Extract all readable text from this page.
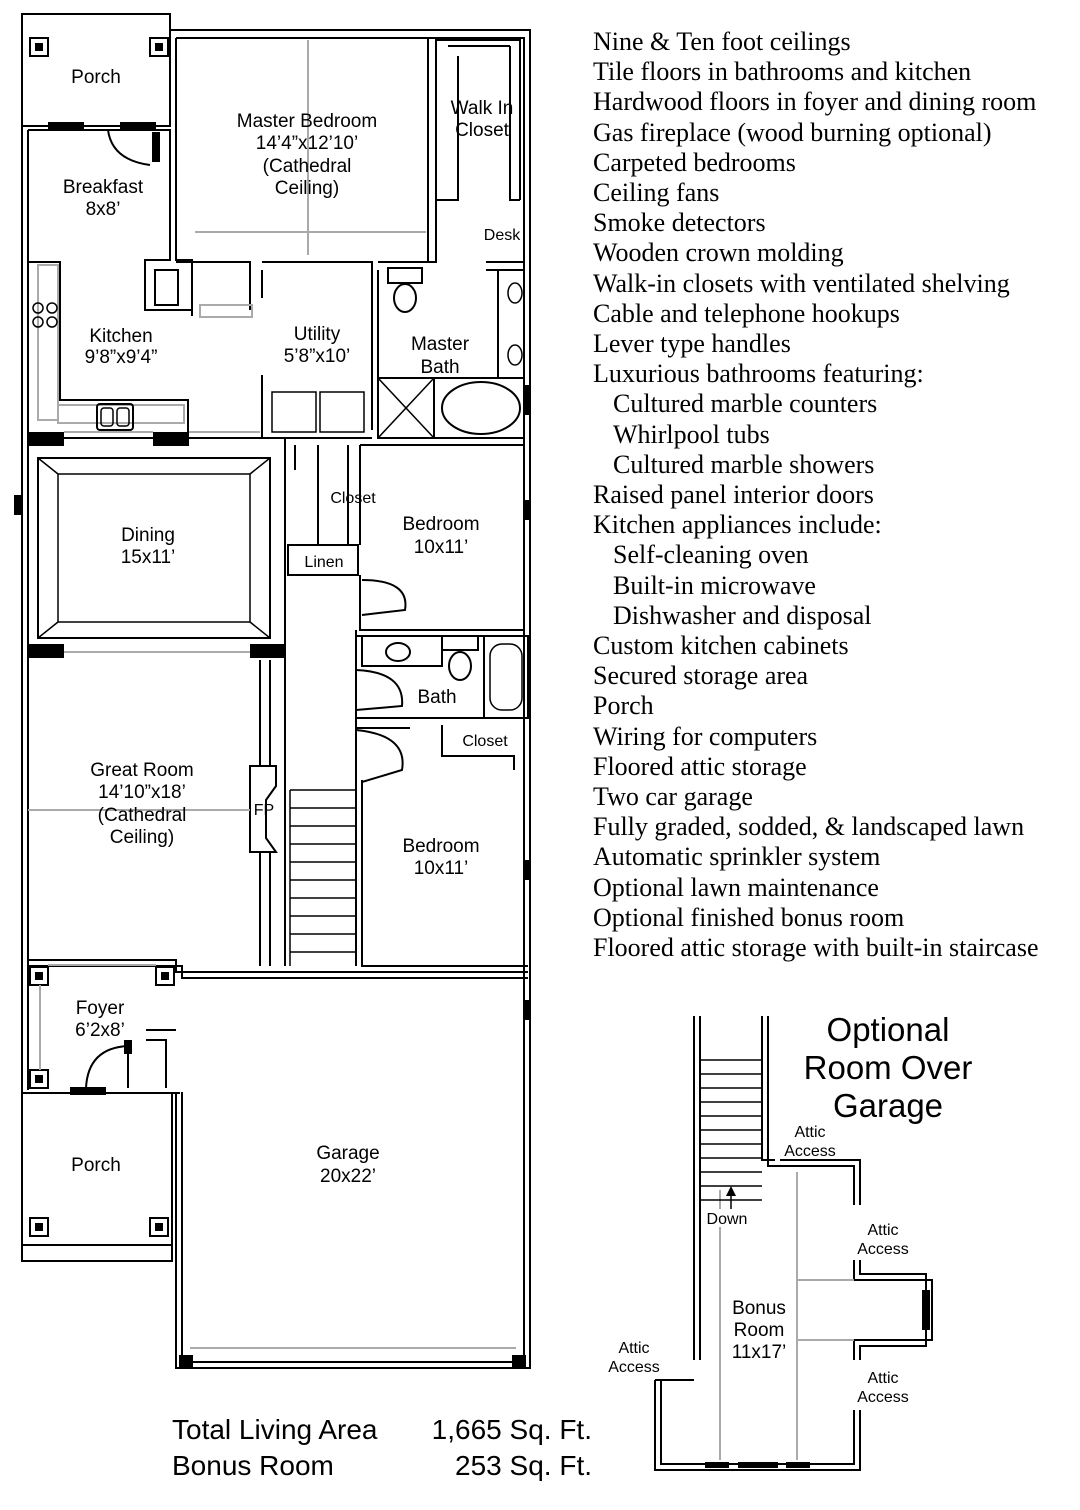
Porch
Master Bedroom
14’4”x12’10’
(Cathedral
Ceiling)
Walk In
Closet
Desk
Breakfast
8x8’
Kitchen
9’8”x9’4”
Utility
5’8”x10’
Master
Bath
Closet
Dining
15x11’	Linen
Bedroom
10x11’
Bath
Closet
Great Room
14’10”x18’
(Cathedral
Ceiling)
FP
Bedroom
10x11’
Foyer
6’2x8’
Porch
Garage
20x22’
Down
Optional
Room Over
Garage
Attic
Access
Attic
Access
Attic
Access
Attic
Access
Bonus
Room
11x17’
Nine & Ten foot ceilings
Tile floors in bathrooms and kitchen
Hardwood floors in foyer and dining room
Gas fireplace (wood burning optional)
Carpeted bedrooms
Ceiling fans
Smoke detectors
Wooden crown molding
Walk-in closets with ventilated shelving
Cable and telephone hookups
Lever type handles
Luxurious bathrooms featuring:
Cultured marble counters
Whirlpool tubs
Cultured marble showers
Raised panel interior doors
Kitchen appliances include:
Self-cleaning oven
Built-in microwave
Dishwasher and disposal
Custom kitchen cabinets
Secured storage area
Porch
Wiring for computers
Floored attic storage
Two car garage
Fully graded, sodded, & landscaped lawn
Automatic sprinkler system
Optional lawn maintenance
Optional finished bonus room
Floored attic storage with built-in staircase
Total Living Area 1,665 Sq. Ft.
Bonus Room	253 Sq. Ft.
